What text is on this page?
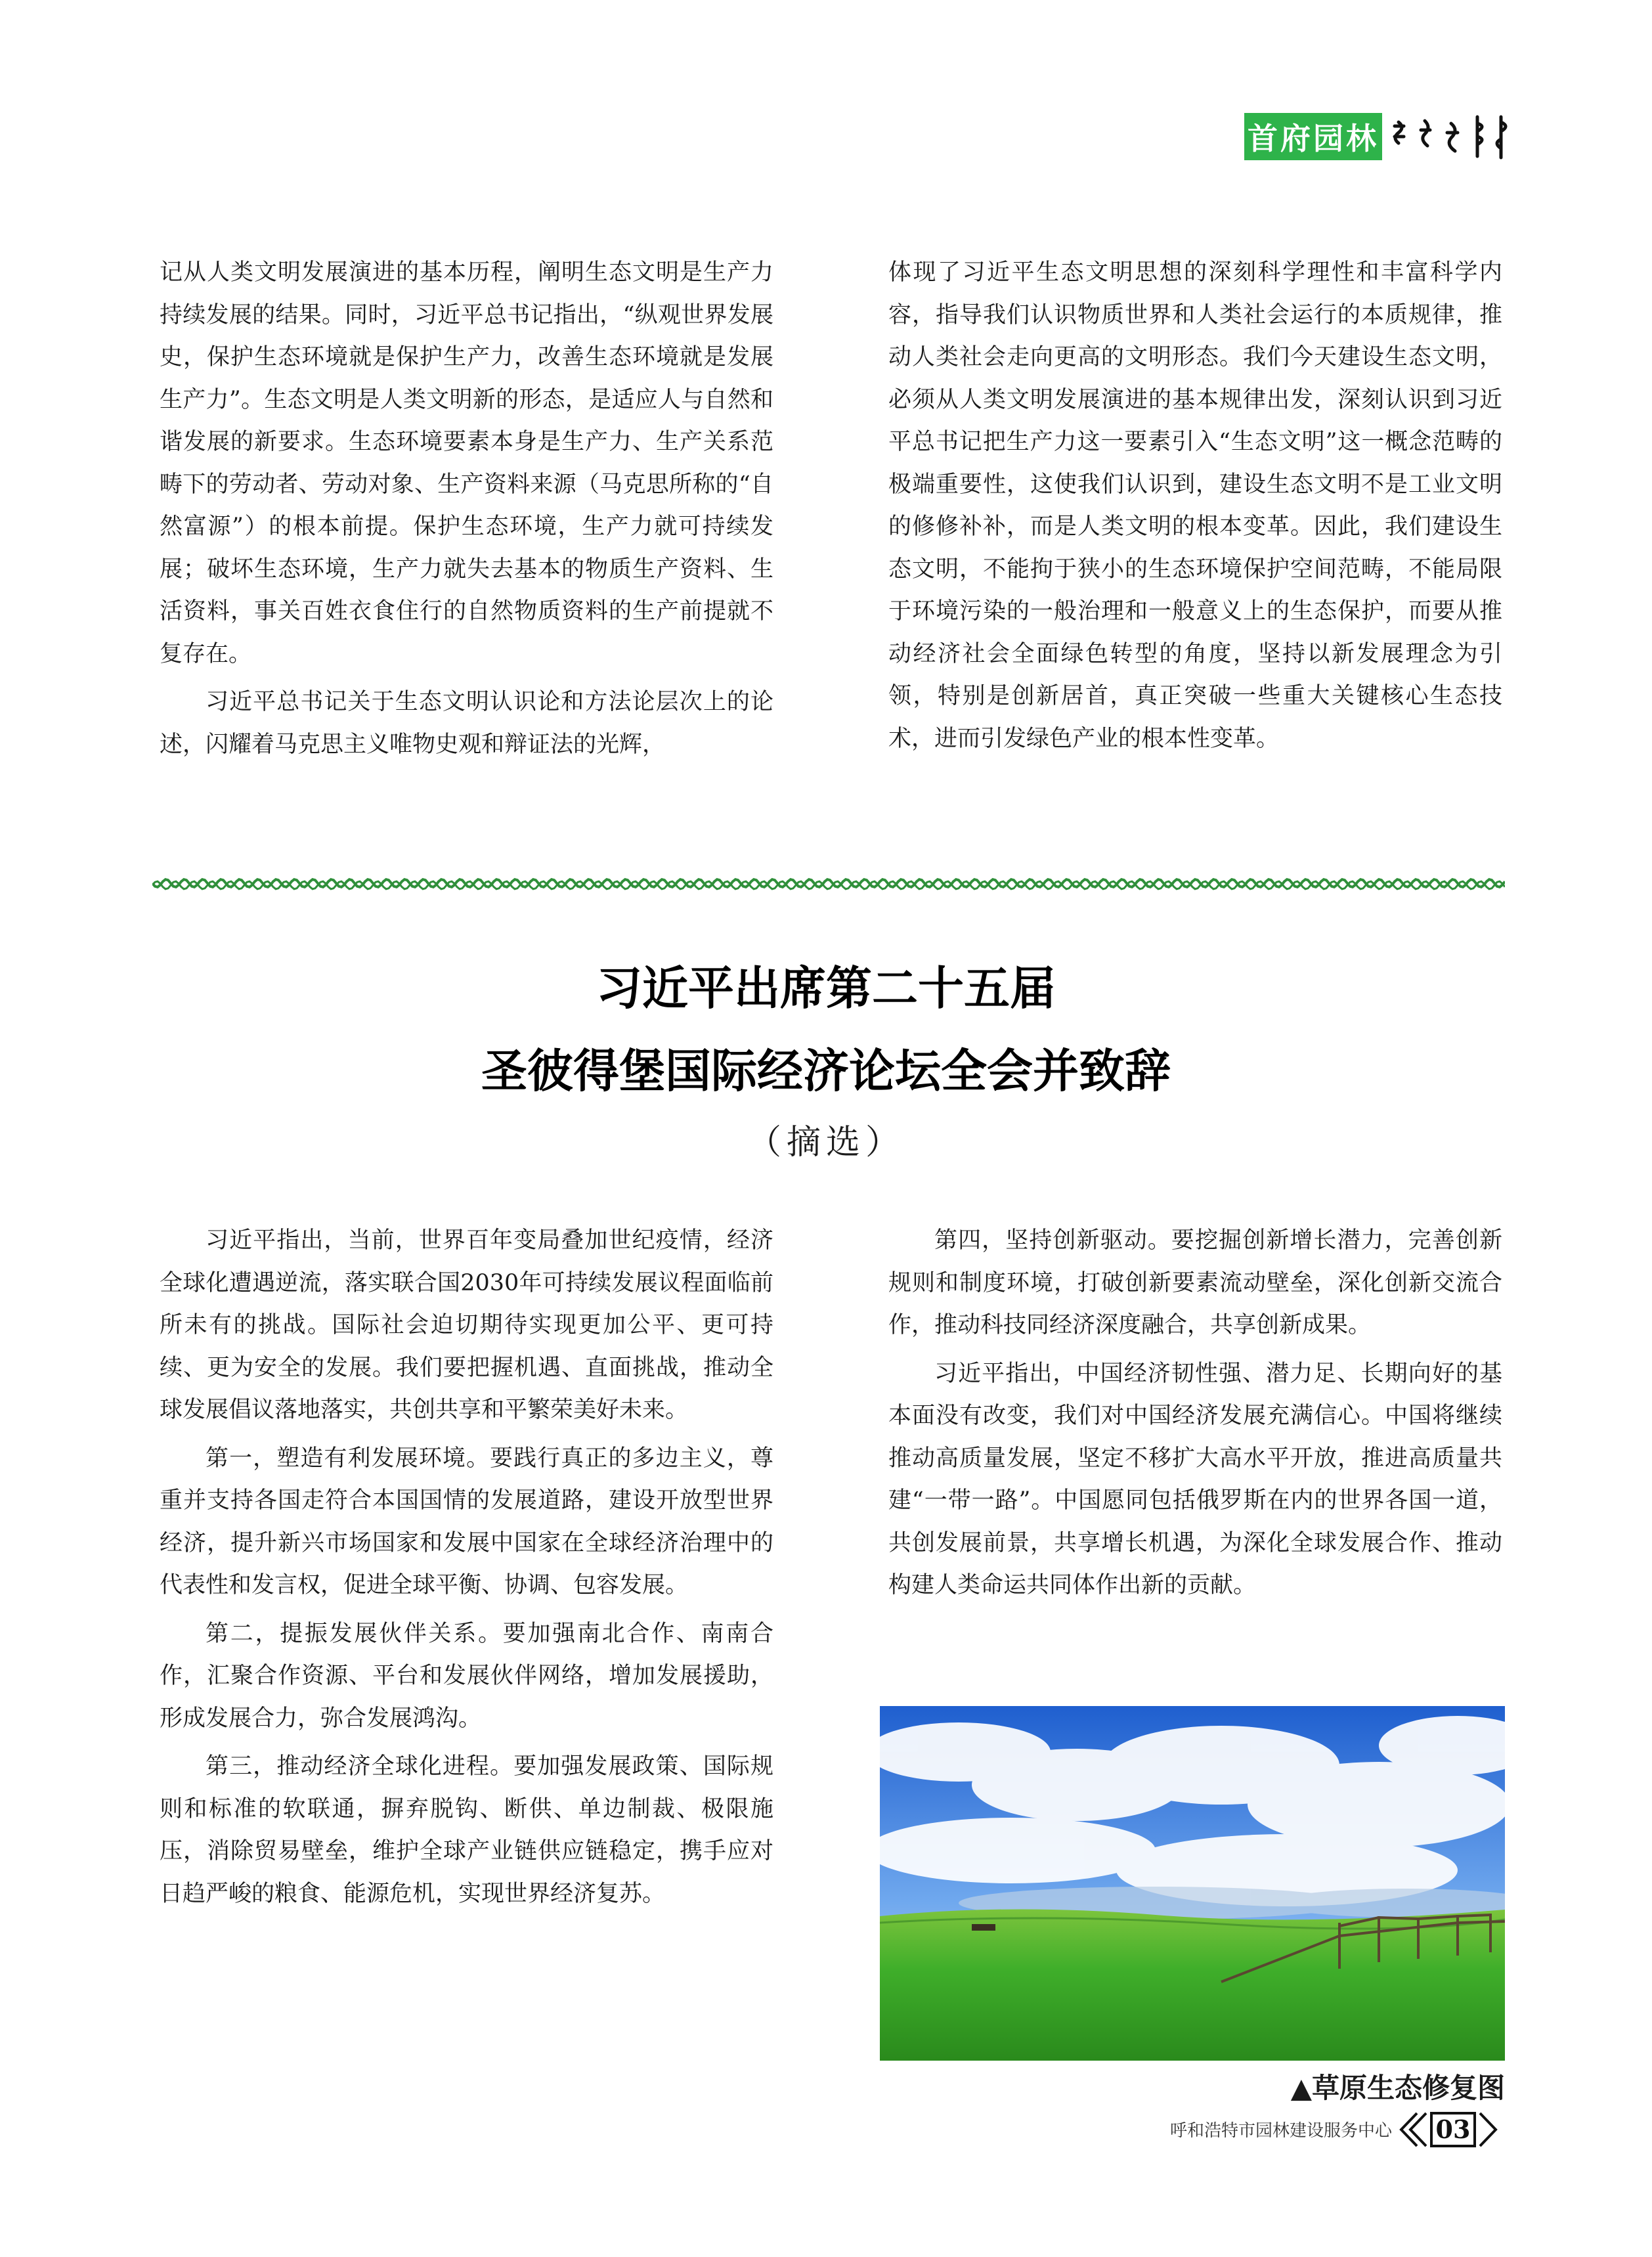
首府园林

记从人类文明发展演进的基本历程，阐明生态文明是生产力持续发展的结果。同时，习近平总书记指出，“纵观世界发展史，保护生态环境就是保护生产力，改善生态环境就是发展生产力”。生态文明是人类文明新的形态，是适应人与自然和谐发展的新要求。生态环境要素本身是生产力、生产关系范畴下的劳动者、劳动对象、生产资料来源（马克思所称的“自然富源”）的根本前提。保护生态环境，生产力就可持续发展；破坏生态环境，生产力就失去基本的物质生产资料、生活资料，事关百姓衣食住行的自然物质资料的生产前提就不复存在。

习近平总书记关于生态文明认识论和方法论层次上的论述，闪耀着马克思主义唯物史观和辩证法的光辉，

体现了习近平生态文明思想的深刻科学理性和丰富科学内容，指导我们认识物质世界和人类社会运行的本质规律，推动人类社会走向更高的文明形态。我们今天建设生态文明，必须从人类文明发展演进的基本规律出发，深刻认识到习近平总书记把生产力这一要素引入“生态文明”这一概念范畴的极端重要性，这使我们认识到，建设生态文明不是工业文明的修修补补，而是人类文明的根本变革。因此，我们建设生态文明，不能拘于狭小的生态环境保护空间范畴，不能局限于环境污染的一般治理和一般意义上的生态保护，而要从推动经济社会全面绿色转型的角度，坚持以新发展理念为引领，特别是创新居首，真正突破一些重大关键核心生态技术，进而引发绿色产业的根本性变革。

习近平出席第二十五届
圣彼得堡国际经济论坛全会并致辞
（摘选）

习近平指出，当前，世界百年变局叠加世纪疫情，经济全球化遭遇逆流，落实联合国2030年可持续发展议程面临前所未有的挑战。国际社会迫切期待实现更加公平、更可持续、更为安全的发展。我们要把握机遇、直面挑战，推动全球发展倡议落地落实，共创共享和平繁荣美好未来。

第一，塑造有利发展环境。要践行真正的多边主义，尊重并支持各国走符合本国国情的发展道路，建设开放型世界经济，提升新兴市场国家和发展中国家在全球经济治理中的代表性和发言权，促进全球平衡、协调、包容发展。

第二，提振发展伙伴关系。要加强南北合作、南南合作，汇聚合作资源、平台和发展伙伴网络，增加发展援助，形成发展合力，弥合发展鸿沟。

第三，推动经济全球化进程。要加强发展政策、国际规则和标准的软联通，摒弃脱钩、断供、单边制裁、极限施压，消除贸易壁垒，维护全球产业链供应链稳定，携手应对日趋严峻的粮食、能源危机，实现世界经济复苏。

第四，坚持创新驱动。要挖掘创新增长潜力，完善创新规则和制度环境，打破创新要素流动壁垒，深化创新交流合作，推动科技同经济深度融合，共享创新成果。

习近平指出，中国经济韧性强、潜力足、长期向好的基本面没有改变，我们对中国经济发展充满信心。中国将继续推动高质量发展，坚定不移扩大高水平开放，推进高质量共建“一带一路”。中国愿同包括俄罗斯在内的世界各国一道，共创发展前景，共享增长机遇，为深化全球发展合作、推动构建人类命运共同体作出新的贡献。

▲草原生态修复图
呼和浩特市园林建设服务中心 03
